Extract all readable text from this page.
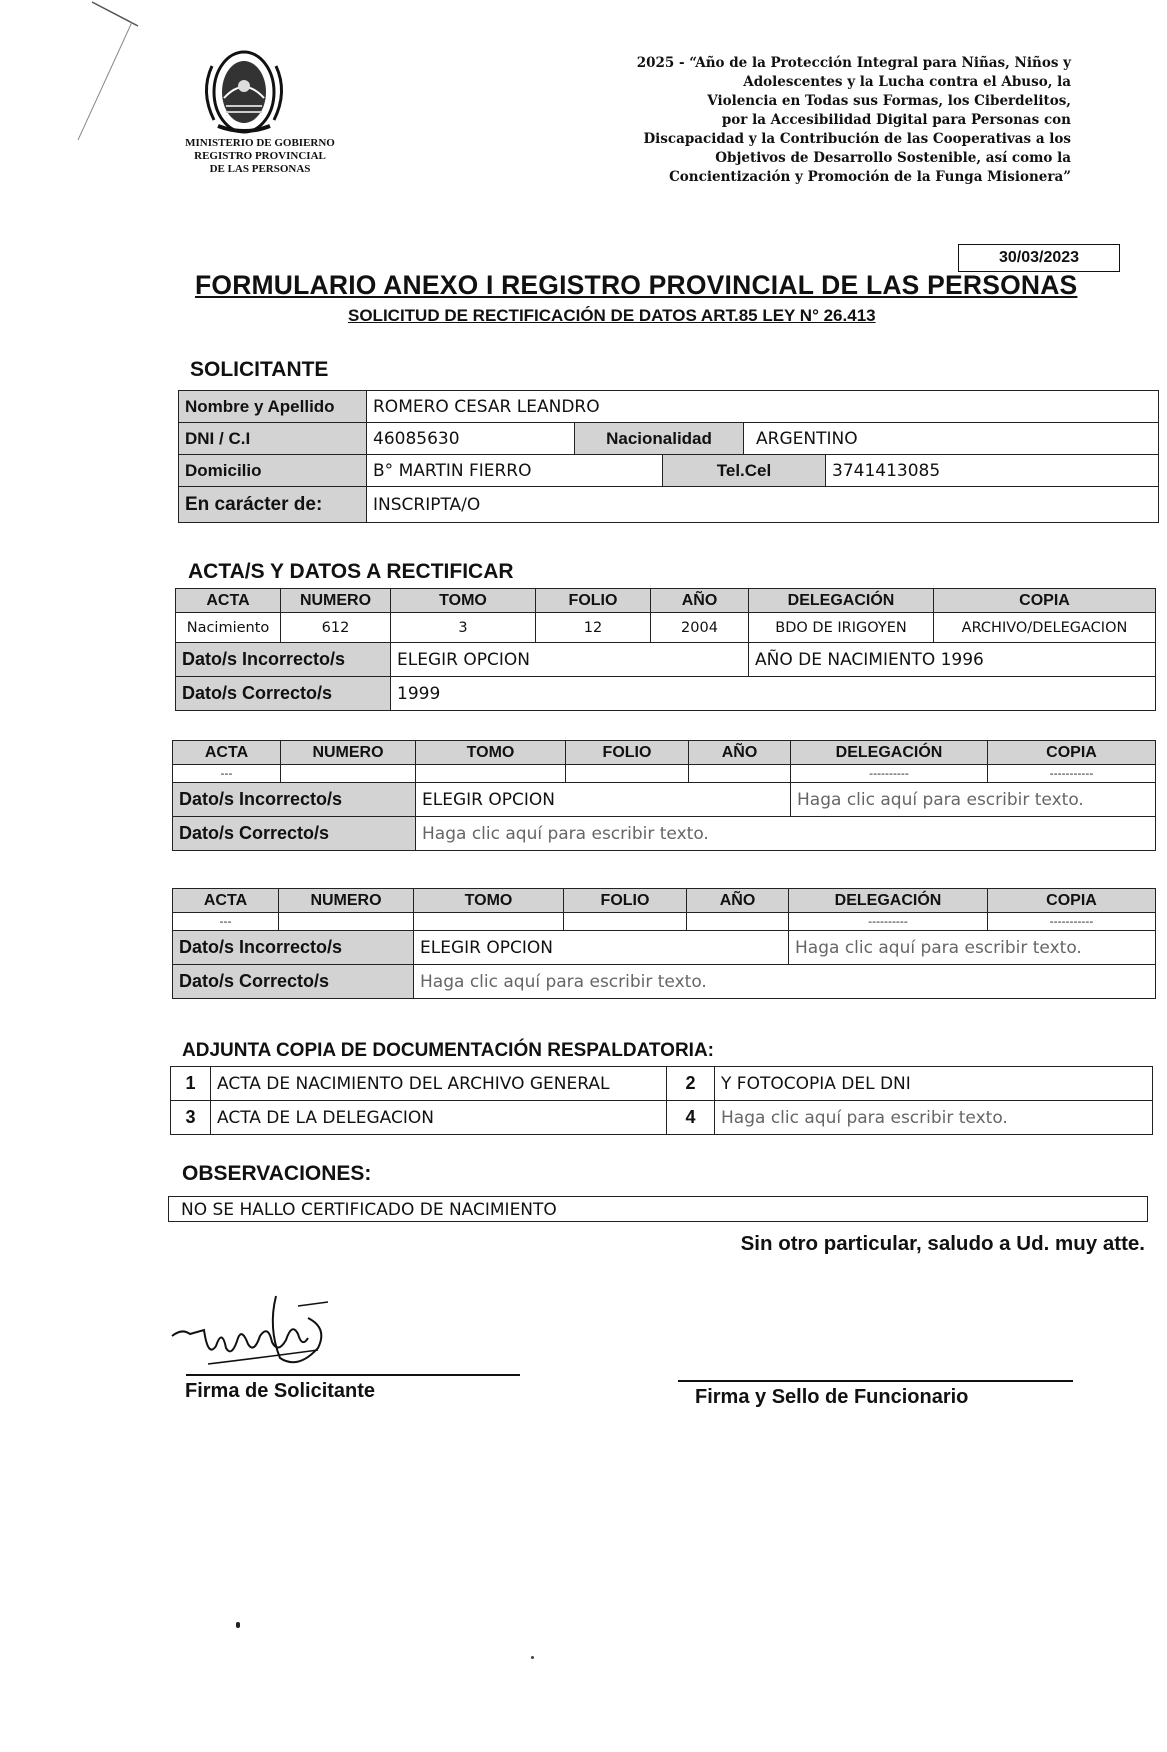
MINISTERIO DE GOBIERNO
REGISTRO PROVINCIAL
DE LAS PERSONAS
2025 - “Año de la Protección Integral para Niñas, Niños y
Adolescentes y la Lucha contra el Abuso, la
Violencia en Todas sus Formas, los Ciberdelitos,
por la Accesibilidad Digital para Personas con
Discapacidad y la Contribución de las Cooperativas a los
Objetivos de Desarrollo Sostenible, así como la
Concientización y Promoción de la Funga Misionera”
30/03/2023
FORMULARIO ANEXO I REGISTRO PROVINCIAL DE LAS PERSONAS
SOLICITUD DE RECTIFICACIÓN DE DATOS ART.85 LEY N° 26.413
SOLICITANTE
Nombre y Apellido	ROMERO CESAR LEANDRO				
DNI / C.I	46085630	Nacionalidad		ARGENTINO	
Domicilio	B° MARTIN FIERRO		Tel.Cel		3741413085
En carácter de:	INSCRIPTA/O				
ACTA/S Y DATOS A RECTIFICAR
ACTA	NUMERO	TOMO	FOLIO	AÑO	DELEGACIÓN	COPIA
Nacimiento	612	3	12	2004	BDO DE IRIGOYEN	ARCHIVO/DELEGACION
Dato/s Incorrecto/s		ELEGIR OPCION			AÑO DE NACIMIENTO 1996	
Dato/s Correcto/s		1999				
ACTA	NUMERO	TOMO	FOLIO	AÑO	DELEGACIÓN	COPIA
---					----------	-----------
Dato/s Incorrecto/s		ELEGIR OPCION			Haga clic aquí para escribir texto.	
Dato/s Correcto/s		Haga clic aquí para escribir texto.				
ACTA	NUMERO	TOMO	FOLIO	AÑO	DELEGACIÓN	COPIA
---					----------	-----------
Dato/s Incorrecto/s		ELEGIR OPCION			Haga clic aquí para escribir texto.	
Dato/s Correcto/s		Haga clic aquí para escribir texto.				
ADJUNTA COPIA DE DOCUMENTACIÓN RESPALDATORIA:
1	ACTA DE NACIMIENTO DEL ARCHIVO GENERAL	2	Y FOTOCOPIA DEL DNI
3	ACTA DE LA DELEGACION	4	Haga clic aquí para escribir texto.
OBSERVACIONES:
NO SE HALLO CERTIFICADO DE NACIMIENTO
Sin otro particular, saludo a Ud. muy atte.
Firma de Solicitante	Firma y Sello de Funcionario
